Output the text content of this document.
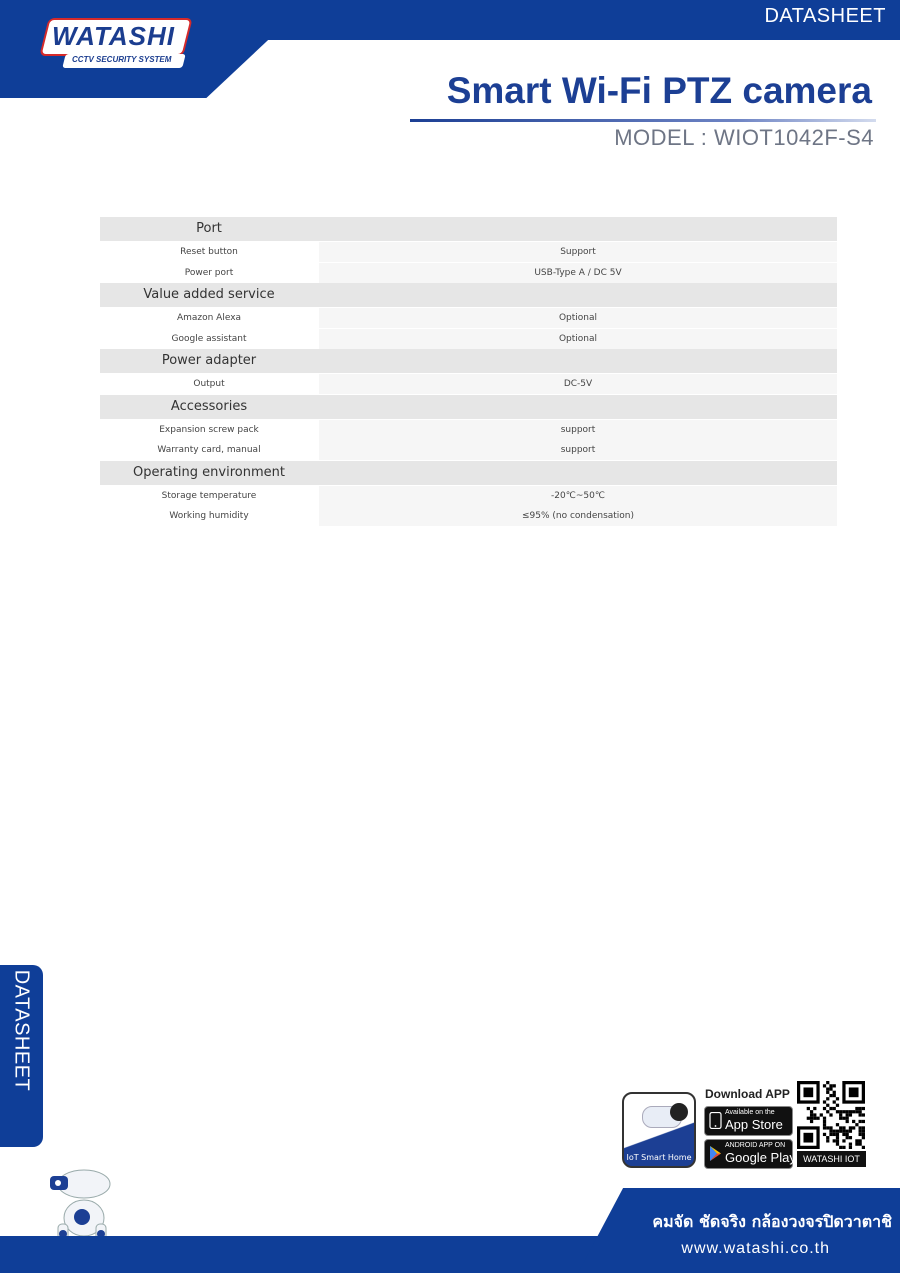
DATASHEET
WATASHI
CCTV SECURITY SYSTEM
Smart Wi-Fi PTZ camera
MODEL : WIOT1042F-S4
Port
Reset button	Support
Power port	USB-Type A / DC 5V
Value added service
Amazon Alexa	Optional
Google assistant	Optional
Power adapter
Output	DC-5V
Accessories
Expansion screw pack	support
Warranty card, manual	support
Operating environment
Storage temperature	-20℃~50℃
Working humidity	≤95% (no condensation)
DATASHEET
IoT Smart Home
Download APP
Available on the
App Store
ANDROID APP ON
Google Play WATASHI IOT
คมจัด ชัดจริง กล้องวงจรปิดวาตาชิ
www.watashi.co.th
